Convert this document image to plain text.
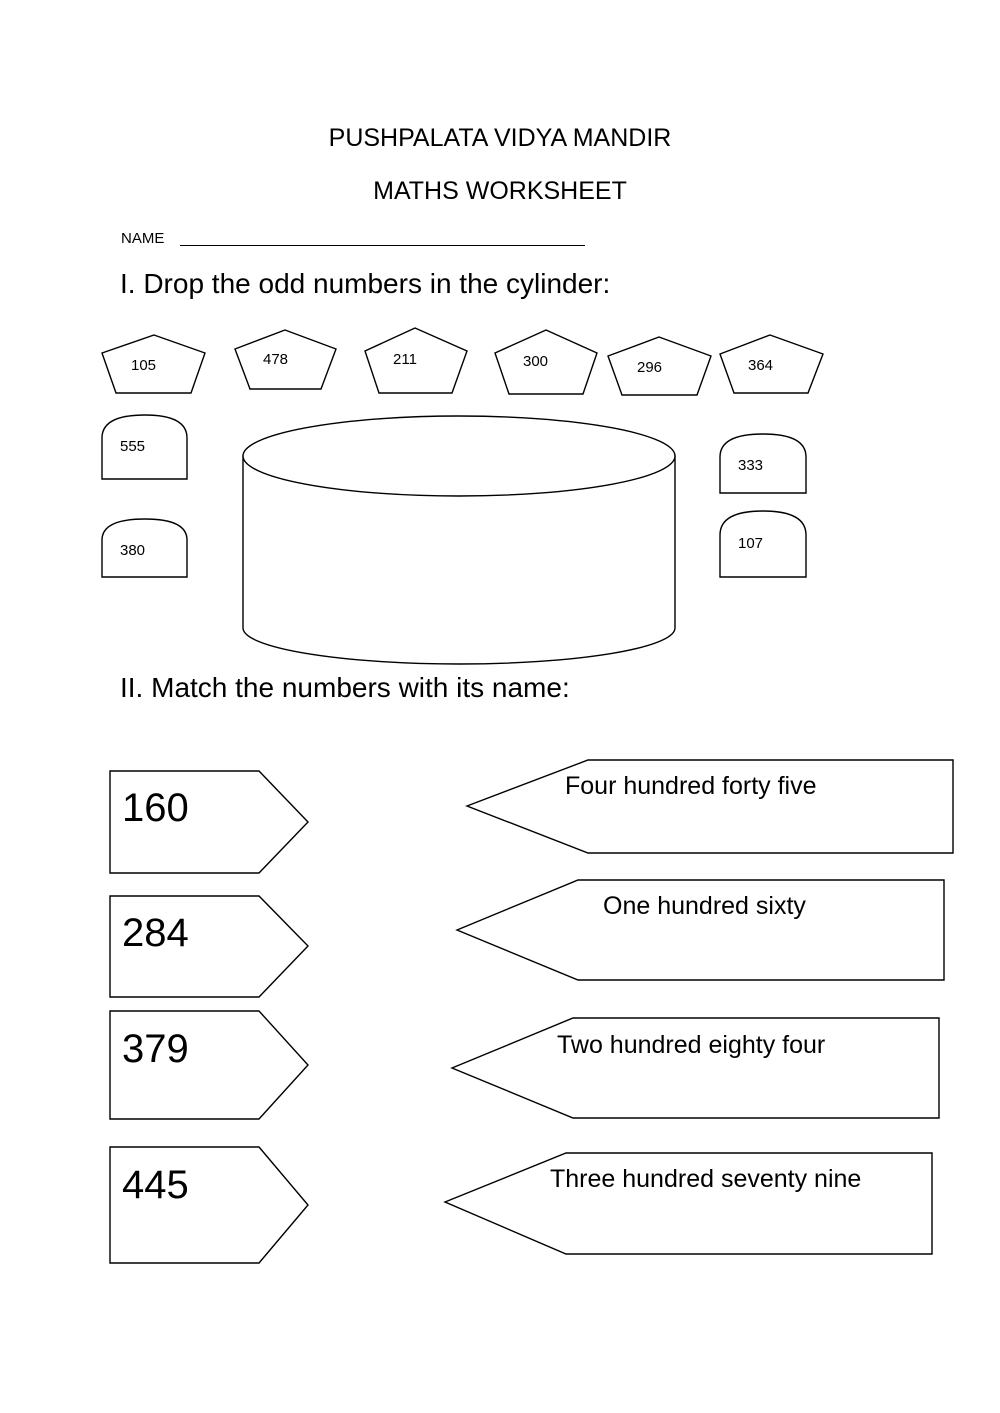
PUSHPALATA VIDYA MANDIR
MATHS WORKSHEET
NAME
I. Drop the odd numbers in the cylinder:
II. Match the numbers with its name:
105	478	211	300	296	364
555
380
333
107
160
284
379
445
Four hundred forty five
One hundred sixty
Two hundred eighty four
Three hundred seventy nine
